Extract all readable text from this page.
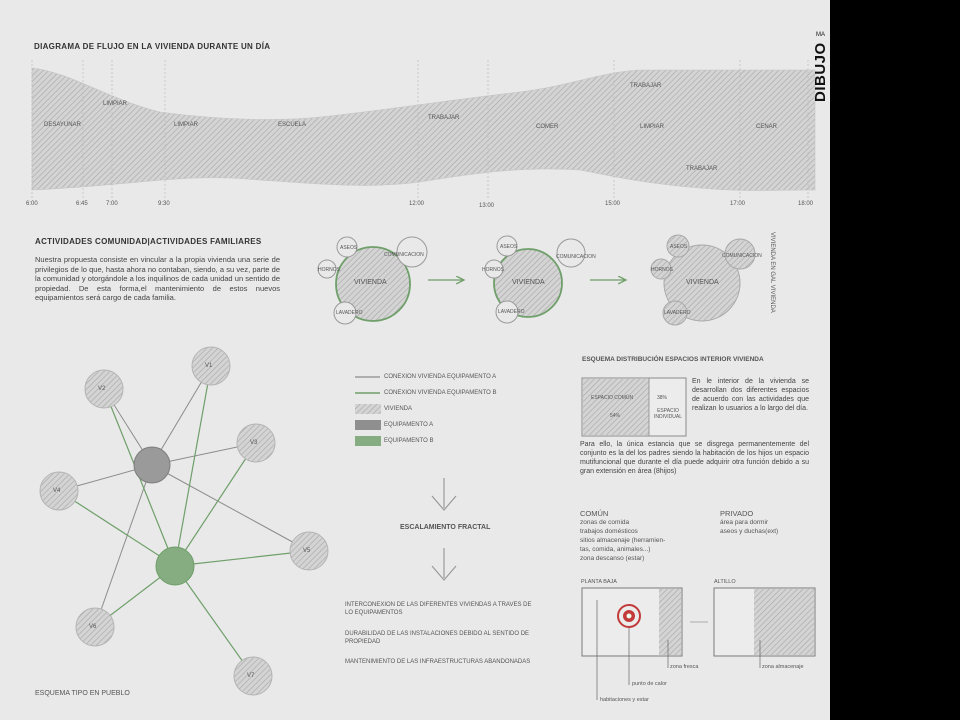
DIAGRAMA DE FLUJO EN LA VIVIENDA DURANTE UN DÍA
DESAYUNAR
LIMPIAR
LIMPIAR	ESCUELA
TRABAJAR
COMER
TRABAJAR
LIMPIAR
TRABAJAR
CENAR
6:00	6:45	7:00	9:30	12:00	13:00	15:00	17:00	18:00
ACTIVIDADES COMUNIDAD|ACTIVIDADES FAMILIARES
Nuestra propuesta consiste en vincular a la propia vivienda una serie de privilegios de lo que, hasta ahora no contaban, siendo, a su vez, parte de la comunidad y otorgándole a los inquilinos de cada unidad un sentido de propiedad. De esta forma,el mantenimiento de estos nuevos equipamientos será cargo de cada familia.
VIVIENDA
ASEOS
COMUNICACION
HORNOS
LAVADERO
VIVIENDA
ASEOS
COMUNICACION
HORNOS
LAVADERO
VIVIENDA
ASEOS
COMUNICACION
HORNOS
LAVADERO
VIVIENDA EN GAL VIVIENDA
V1
V2
V3
V4
V5
V6
V7
ESQUEMA TIPO EN PUEBLO
CONEXION VIVIENDA EQUIPAMENTO A
CONEXION VIVIENDA EQUIPAMENTO B
VIVIENDA
EQUIPAMENTO A
EQUIPAMENTO B
ESCALAMIENTO FRACTAL
INTERCONEXION DE LAS DIFERENTES VIVIENDAS A TRAVES DE LO EQUIPAMENTOS
DURABILIDAD DE LAS INSTALACIONES DEBIDO AL SENTIDO DE PROPIEDAD
MANTENIMIENTO DE LAS INFRAESTRUCTURAS ABANDONADAS
ESQUEMA DISTRIBUCIÓN ESPACIOS INTERIOR VIVIENDA
ESPACIO COMÚN	38%
54%
ESPACIO INDIVIDUAL
En le interior de la vivienda se desarrollan dos diferentes espacios de acuerdo con las actividades que realizan lo usuarios a lo largo del día.
Para ello, la única estancia que se disgrega permanentemente del conjunto es la del los padres siendo la habitación de los hijos un espacio mutifuncional que durante el día puede adquirir otra función debido a su gran extensión en área (8hijos)
COMÚN
zonas de comida
trabajos domésticos
sitios almacenaje (herramien-
tas, comida, animales...)
zona descanso (estar)
PRIVADO
área para dormir
aseos y duchas(ext)
PLANTA BAJA	ALTILLO
zona fresca	zona almacenaje
punto de calor
habitaciones y estar
DIBUJO
MA
